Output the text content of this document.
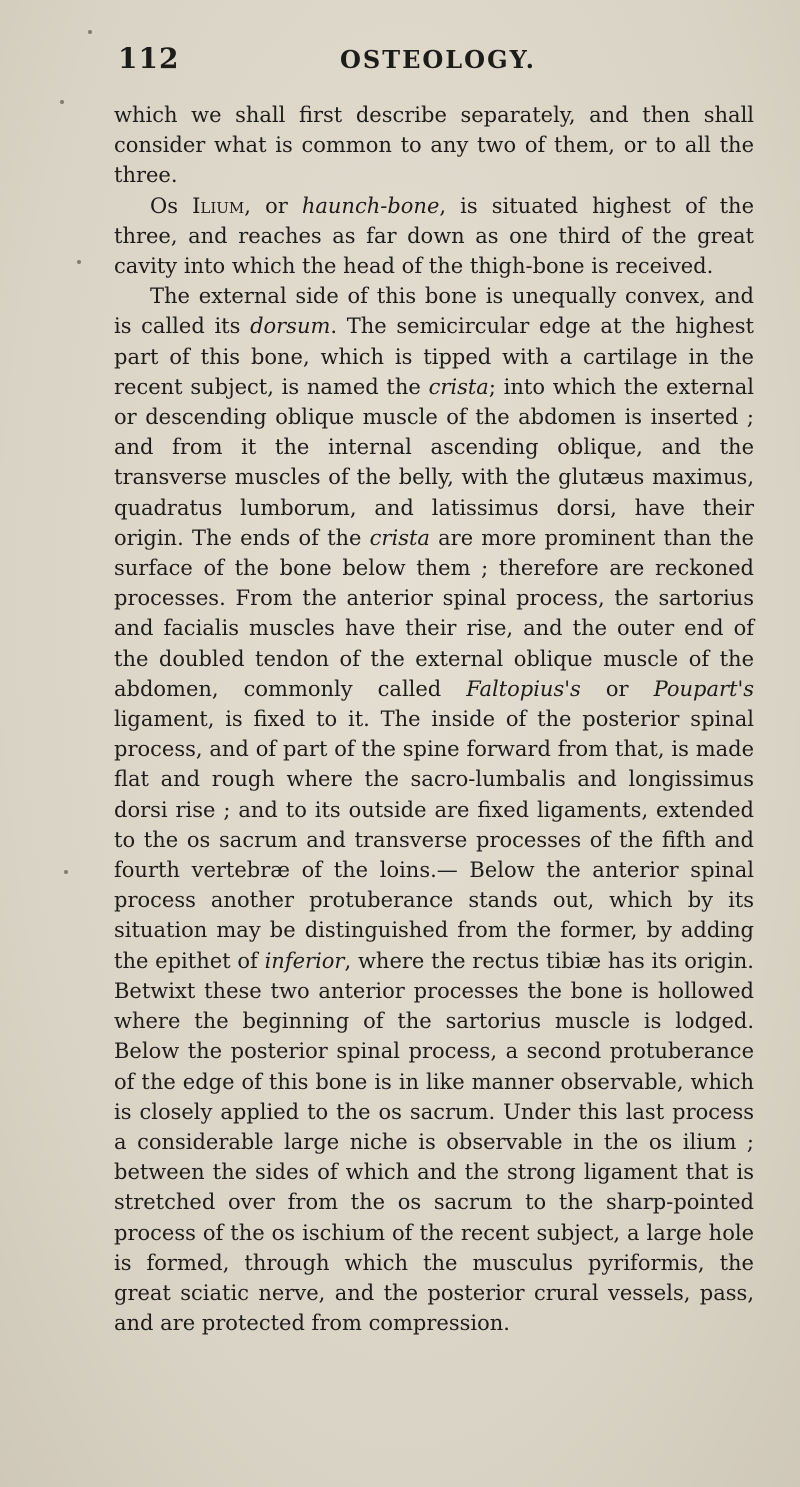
112	OSTEOLOGY.

which we shall first describe separately, and then shall consider what is common to any two of them, or to all the three.

Os Ilium, or haunch-bone, is situated highest of the three, and reaches as far down as one third of the great cavity into which the head of the thigh-bone is received.

The external side of this bone is unequally convex, and is called its dorsum. The semicircular edge at the highest part of this bone, which is tipped with a cartilage in the recent subject, is named the crista; into which the external or descending oblique muscle of the abdomen is inserted ; and from it the internal ascending oblique, and the transverse muscles of the belly, with the glutæus maximus, quadratus lumborum, and latissimus dorsi, have their origin. The ends of the crista are more prominent than the surface of the bone below them ; therefore are reckoned processes. From the anterior spinal process, the sartorius and facialis muscles have their rise, and the outer end of the doubled tendon of the external oblique muscle of the abdomen, commonly called Faltopius's or Poupart's ligament, is fixed to it. The inside of the posterior spinal process, and of part of the spine forward from that, is made flat and rough where the sacro-lumbalis and longissimus dorsi rise ; and to its outside are fixed ligaments, extended to the os sacrum and transverse processes of the fifth and fourth vertebræ of the loins.— Below the anterior spinal process another protuberance stands out, which by its situation may be distinguished from the former, by adding the epithet of inferior, where the rectus tibiæ has its origin. Betwixt these two anterior processes the bone is hollowed where the beginning of the sartorius muscle is lodged. Below the posterior spinal process, a second protuberance of the edge of this bone is in like manner observable, which is closely applied to the os sacrum. Under this last process a considerable large niche is observable in the os ilium ; between the sides of which and the strong ligament that is stretched over from the os sacrum to the sharp-pointed process of the os ischium of the recent subject, a large hole is formed, through which the musculus pyriformis, the great sciatic nerve, and the posterior crural vessels, pass, and are protected from compression.
